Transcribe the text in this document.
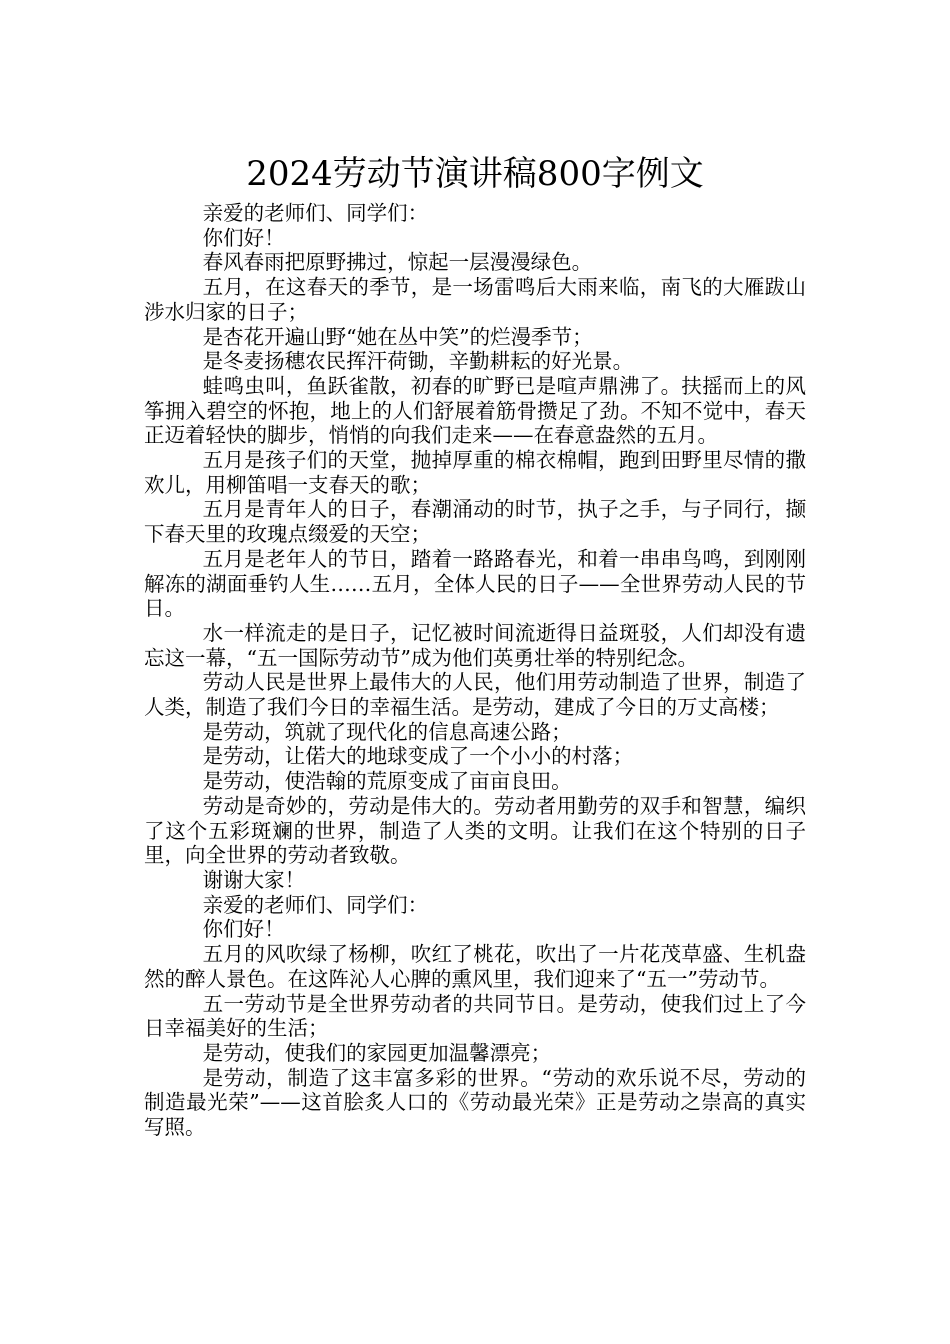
2024劳动节演讲稿800字例文

亲爱的老师们、同学们：

你们好！

春风春雨把原野拂过，惊起一层漫漫绿色。

五月，在这春天的季节，是一场雷鸣后大雨来临，南飞的大雁跋山涉水归家的日子；

是杏花开遍山野“她在丛中笑”的烂漫季节；

是冬麦扬穗农民挥汗荷锄，辛勤耕耘的好光景。

蛙鸣虫叫，鱼跃雀散，初春的旷野已是喧声鼎沸了。扶摇而上的风筝拥入碧空的怀抱，地上的人们舒展着筋骨攒足了劲。不知不觉中，春天正迈着轻快的脚步，悄悄的向我们走来——在春意盎然的五月。

五月是孩子们的天堂，抛掉厚重的棉衣棉帽，跑到田野里尽情的撒欢儿，用柳笛唱一支春天的歌；

五月是青年人的日子，春潮涌动的时节，执子之手，与子同行，撷下春天里的玫瑰点缀爱的天空；

五月是老年人的节日，踏着一路路春光，和着一串串鸟鸣，到刚刚解冻的湖面垂钓人生……五月，全体人民的日子——全世界劳动人民的节日。

水一样流走的是日子，记忆被时间流逝得日益斑驳，人们却没有遗忘这一幕，“五一国际劳动节”成为他们英勇壮举的特别纪念。

劳动人民是世界上最伟大的人民，他们用劳动制造了世界，制造了人类，制造了我们今日的幸福生活。是劳动，建成了今日的万丈高楼；

是劳动，筑就了现代化的信息高速公路；

是劳动，让偌大的地球变成了一个小小的村落；

是劳动，使浩翰的荒原变成了亩亩良田。

劳动是奇妙的，劳动是伟大的。劳动者用勤劳的双手和智慧，编织了这个五彩斑斓的世界，制造了人类的文明。让我们在这个特别的日子里，向全世界的劳动者致敬。

谢谢大家！

亲爱的老师们、同学们：

你们好！

五月的风吹绿了杨柳，吹红了桃花，吹出了一片花茂草盛、生机盎然的醉人景色。在这阵沁人心脾的熏风里，我们迎来了“五一”劳动节。

五一劳动节是全世界劳动者的共同节日。是劳动，使我们过上了今日幸福美好的生活；

是劳动，使我们的家园更加温馨漂亮；

是劳动，制造了这丰富多彩的世界。“劳动的欢乐说不尽，劳动的制造最光荣”——这首脍炙人口的《劳动最光荣》正是劳动之崇高的真实写照。
